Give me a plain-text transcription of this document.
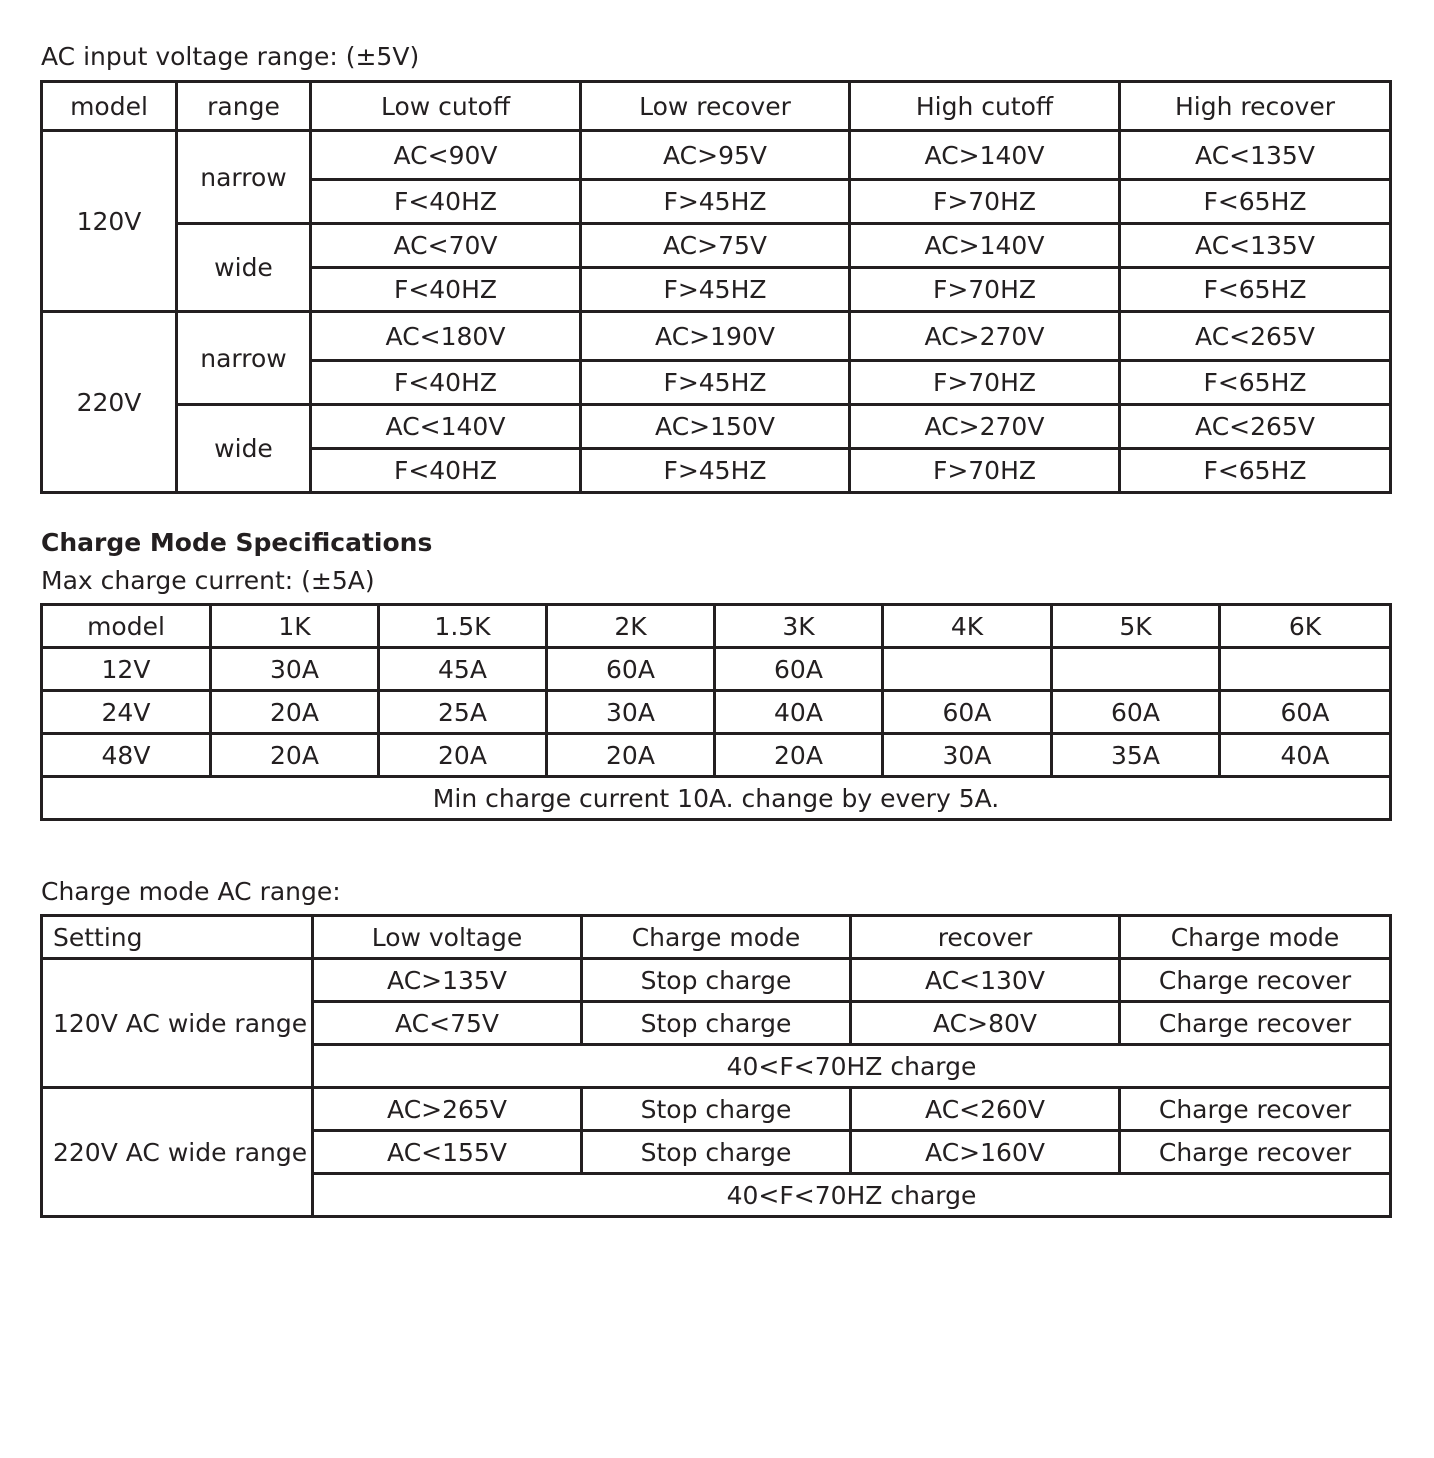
AC input voltage range: (±5V)
model	range	Low cutoff	Low recover	High cutoff	High recover
120V	narrow	AC<90V	AC>95V	AC>140V	AC<135V
		F<40HZ	F>45HZ	F>70HZ	F<65HZ
	wide	AC<70V	AC>75V	AC>140V	AC<135V
		F<40HZ	F>45HZ	F>70HZ	F<65HZ
220V	narrow	AC<180V	AC>190V	AC>270V	AC<265V
		F<40HZ	F>45HZ	F>70HZ	F<65HZ
	wide	AC<140V	AC>150V	AC>270V	AC<265V
		F<40HZ	F>45HZ	F>70HZ	F<65HZ
Charge Mode Specifications
Max charge current: (±5A)
model	1K	1.5K	2K	3K	4K	5K	6K
12V	30A	45A	60A	60A			
24V	20A	25A	30A	40A	60A	60A	60A
48V	20A	20A	20A	20A	30A	35A	40A
Min charge current 10A. change by every 5A.							
Charge mode AC range:
Setting	Low voltage	Charge mode	recover	Charge mode
120V AC wide range	AC>135V	Stop charge	AC<130V	Charge recover
	AC<75V	Stop charge	AC>80V	Charge recover
	40<F<70HZ charge			
220V AC wide range	AC>265V	Stop charge	AC<260V	Charge recover
	AC<155V	Stop charge	AC>160V	Charge recover
	40<F<70HZ charge			
